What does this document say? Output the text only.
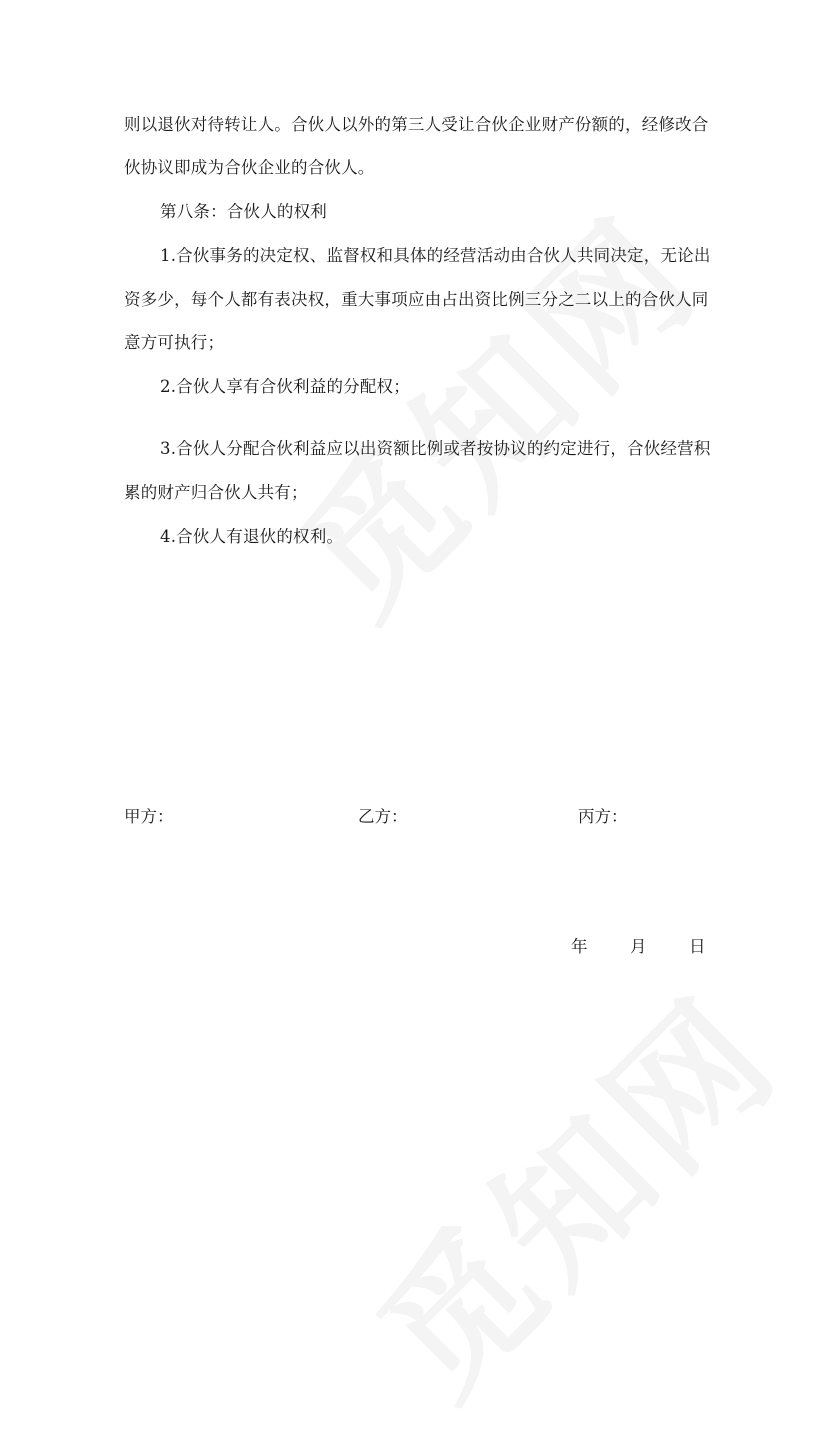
则以退伙对待转让人。合伙人以外的第三人受让合伙企业财产份额的，经修改合
伙协议即成为合伙企业的合伙人。
第八条：合伙人的权利
1.合伙事务的决定权、监督权和具体的经营活动由合伙人共同决定，无论出
资多少，每个人都有表决权，重大事项应由占出资比例三分之二以上的合伙人同
意方可执行；
2.合伙人享有合伙利益的分配权；
3.合伙人分配合伙利益应以出资额比例或者按协议的约定进行，合伙经营积
累的财产归合伙人共有；
4.合伙人有退伙的权利。
甲方：	乙方：	丙方：
年	月	日
